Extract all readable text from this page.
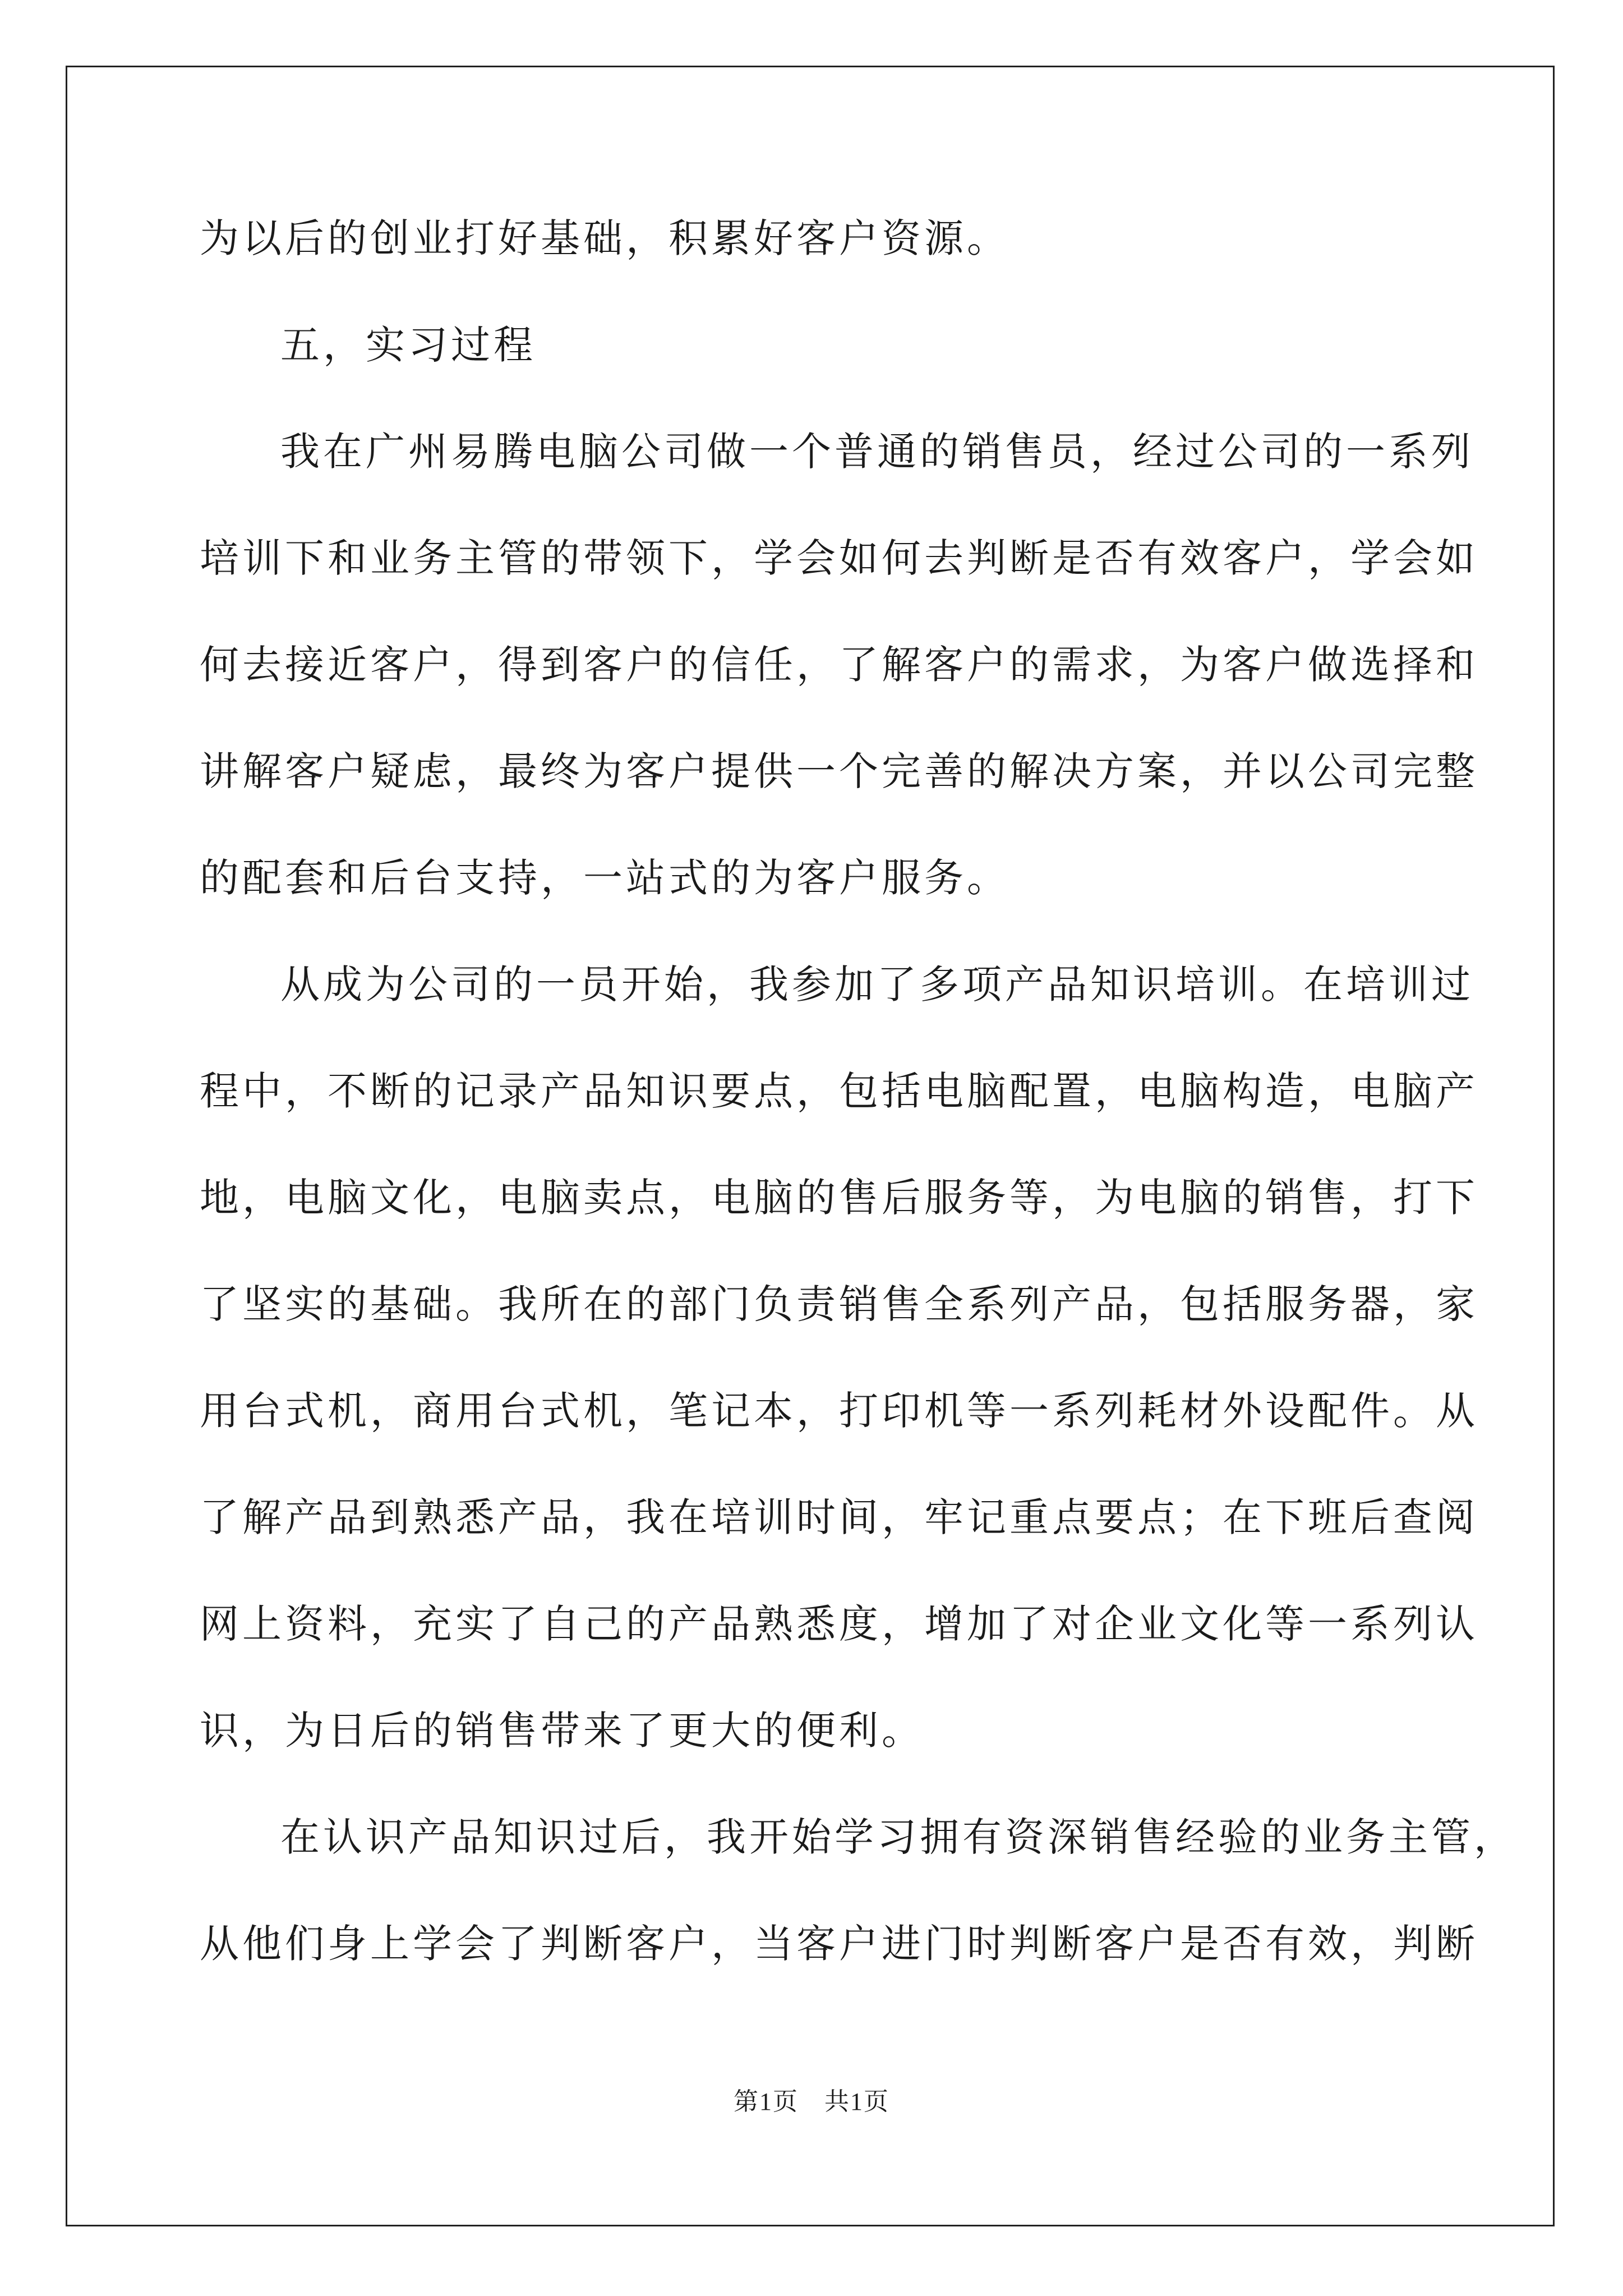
为以后的创业打好基础，积累好客户资源。
五，实习过程
我在广州易腾电脑公司做一个普通的销售员，经过公司的一系列
培训下和业务主管的带领下，学会如何去判断是否有效客户，学会如
何去接近客户，得到客户的信任，了解客户的需求，为客户做选择和
讲解客户疑虑，最终为客户提供一个完善的解决方案，并以公司完整
的配套和后台支持，一站式的为客户服务。
从成为公司的一员开始，我参加了多项产品知识培训。在培训过
程中，不断的记录产品知识要点，包括电脑配置，电脑构造，电脑产
地，电脑文化，电脑卖点，电脑的售后服务等，为电脑的销售，打下
了坚实的基础。我所在的部门负责销售全系列产品，包括服务器，家
用台式机，商用台式机，笔记本，打印机等一系列耗材外设配件。从
了解产品到熟悉产品，我在培训时间，牢记重点要点；在下班后查阅
网上资料，充实了自己的产品熟悉度，增加了对企业文化等一系列认
识，为日后的销售带来了更大的便利。
在认识产品知识过后，我开始学习拥有资深销售经验的业务主管，
从他们身上学会了判断客户，当客户进门时判断客户是否有效，判断
第1页　共1页
